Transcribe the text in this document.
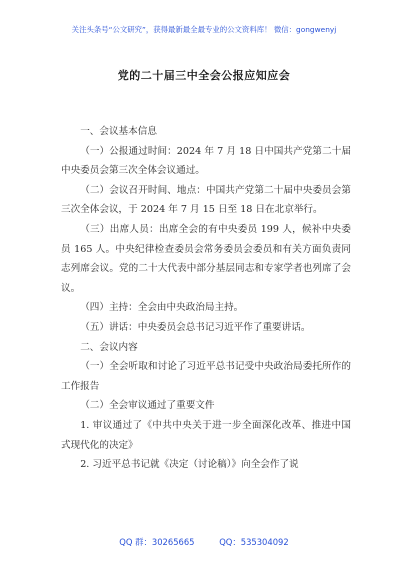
关注头条号“公文研究”，获得最新最全最专业的公文资料库！ 微信：gongwenyj
党的二十届三中全会公报应知应会

一、会议基本信息

（一）公报通过时间：2024 年 7 月 18 日中国共产党第二十届中央委员会第三次全体会议通过。

（二）会议召开时间、地点：中国共产党第二十届中央委员会第三次全体会议，于 2024 年 7 月 15 日至 18 日在北京举行。

（三）出席人员：出席全会的有中央委员 199 人，候补中央委员 165 人。中央纪律检查委员会常务委员会委员和有关方面负责同志列席会议。党的二十大代表中部分基层同志和专家学者也列席了会议。

（四）主持：全会由中央政治局主持。

（五）讲话：中央委员会总书记习近平作了重要讲话。

二、会议内容

（一）全会听取和讨论了习近平总书记受中央政治局委托所作的工作报告

（二）全会审议通过了重要文件

1. 审议通过了《中共中央关于进一步全面深化改革、推进中国式现代化的决定》

2. 习近平总书记就《决定（讨论稿）》向全会作了说

QQ 群：30265665	QQ：535304092
